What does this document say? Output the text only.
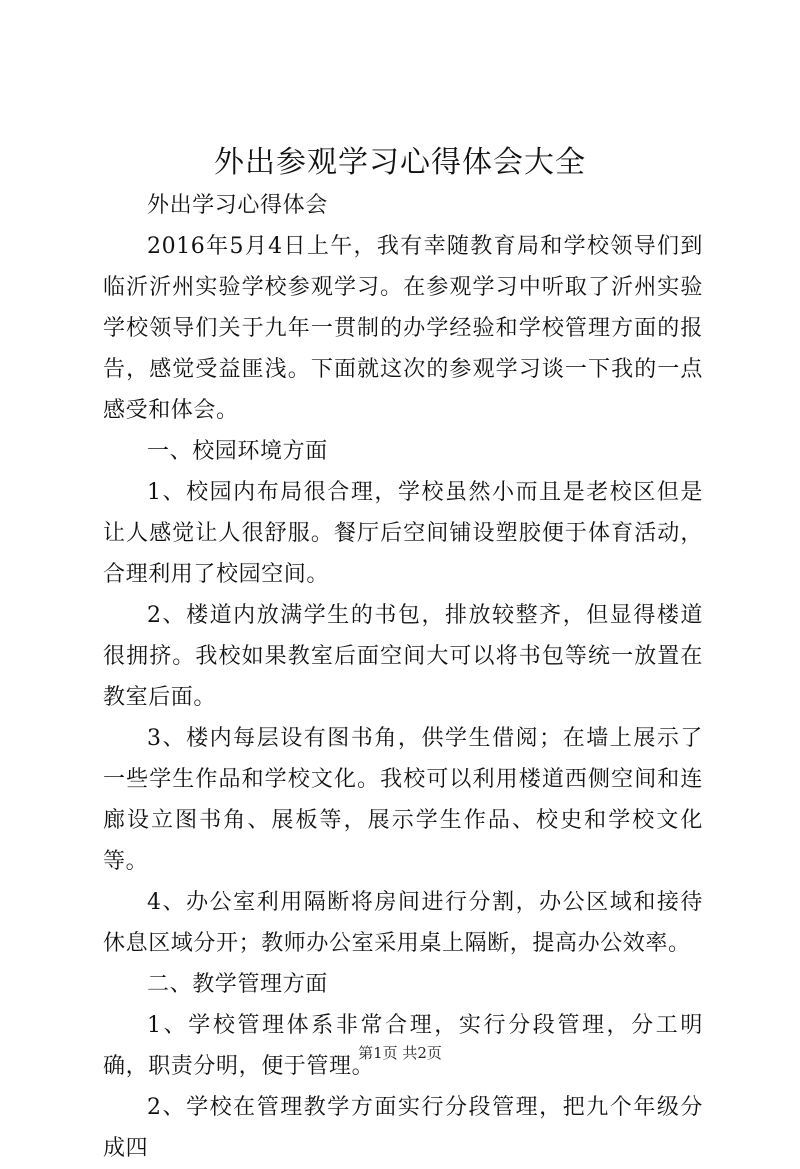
外出参观学习心得体会大全

外出学习心得体会

2016年5月4日上午，我有幸随教育局和学校领导们到临沂沂州实验学校参观学习。在参观学习中听取了沂州实验学校领导们关于九年一贯制的办学经验和学校管理方面的报告，感觉受益匪浅。下面就这次的参观学习谈一下我的一点感受和体会。

一、校园环境方面

1、校园内布局很合理，学校虽然小而且是老校区但是让人感觉让人很舒服。餐厅后空间铺设塑胶便于体育活动，合理利用了校园空间。

2、楼道内放满学生的书包，排放较整齐，但显得楼道很拥挤。我校如果教室后面空间大可以将书包等统一放置在教室后面。

3、楼内每层设有图书角，供学生借阅；在墙上展示了一些学生作品和学校文化。我校可以利用楼道西侧空间和连廊设立图书角、展板等，展示学生作品、校史和学校文化等。

4、办公室利用隔断将房间进行分割，办公区域和接待休息区域分开；教师办公室采用桌上隔断，提高办公效率。

二、教学管理方面

1、学校管理体系非常合理，实行分段管理，分工明确，职责分明，便于管理。

2、学校在管理教学方面实行分段管理，把九个年级分成四

第1页 共2页
